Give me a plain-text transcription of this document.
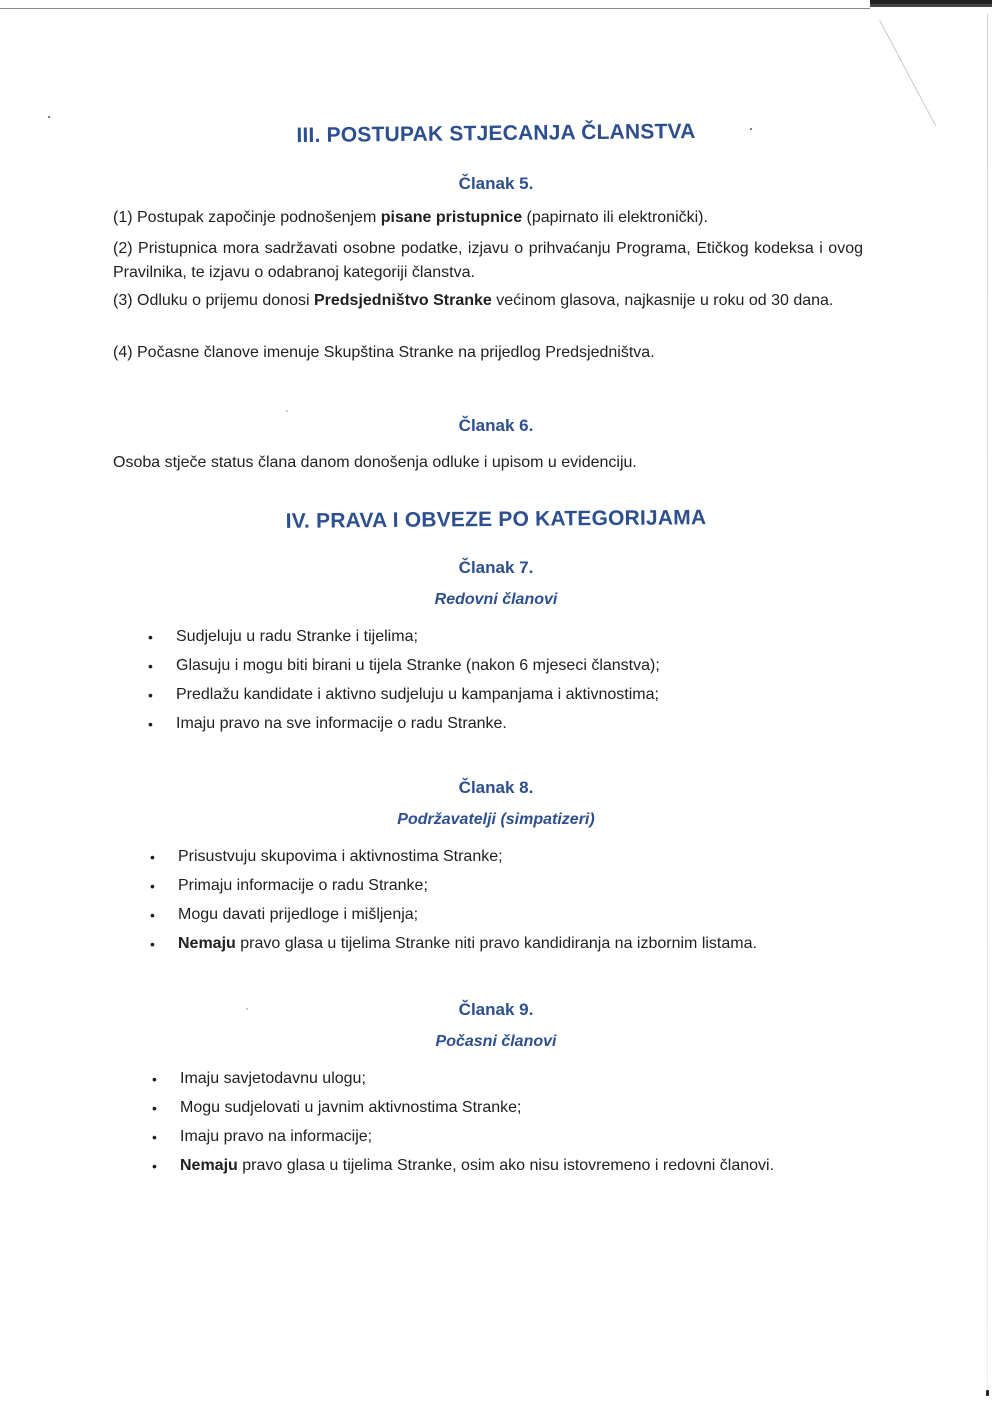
III. POSTUPAK STJECANJA ČLANSTVA
Članak 5.
(1) Postupak započinje podnošenjem pisane pristupnice (papirnato ili elektronički).
(2) Pristupnica mora sadržavati osobne podatke, izjavu o prihvaćanju Programa, Etičkog kodeksa i ovog Pravilnika, te izjavu o odabranoj kategoriji članstva.
(3) Odluku o prijemu donosi Predsjedništvo Stranke većinom glasova, najkasnije u roku od 30 dana.
(4) Počasne članove imenuje Skupština Stranke na prijedlog Predsjedništva.
Članak 6.
Osoba stječe status člana danom donošenja odluke i upisom u evidenciju.
IV. PRAVA I OBVEZE PO KATEGORIJAMA
Članak 7.
Redovni članovi
• Sudjeluju u radu Stranke i tijelima;
• Glasuju i mogu biti birani u tijela Stranke (nakon 6 mjeseci članstva);
• Predlažu kandidate i aktivno sudjeluju u kampanjama i aktivnostima;
• Imaju pravo na sve informacije o radu Stranke.
Članak 8.
Podržavatelji (simpatizeri)
• Prisustvuju skupovima i aktivnostima Stranke;
• Primaju informacije o radu Stranke;
• Mogu davati prijedloge i mišljenja;
• Nemaju pravo glasa u tijelima Stranke niti pravo kandidiranja na izbornim listama.
Članak 9.
Počasni članovi
• Imaju savjetodavnu ulogu;
• Mogu sudjelovati u javnim aktivnostima Stranke;
• Imaju pravo na informacije;
• Nemaju pravo glasa u tijelima Stranke, osim ako nisu istovremeno i redovni članovi.
